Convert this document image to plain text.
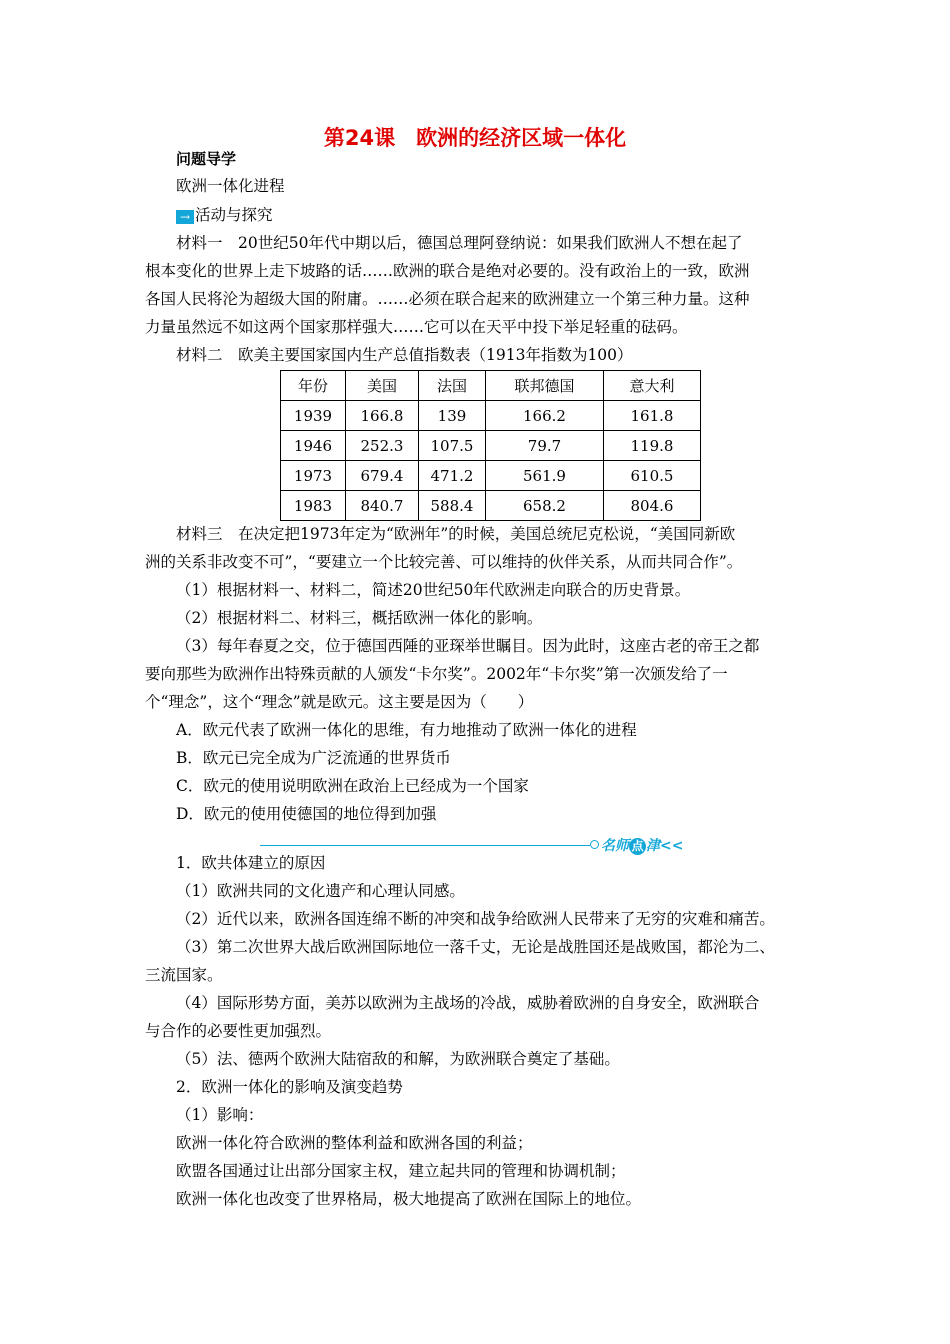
第24课　欧洲的经济区域一体化
问题导学
欧洲一体化进程
→ 活动与探究
材料一　20世纪50年代中期以后，德国总理阿登纳说：如果我们欧洲人不想在起了
根本变化的世界上走下坡路的话……欧洲的联合是绝对必要的。没有政治上的一致，欧洲
各国人民将沦为超级大国的附庸。……必须在联合起来的欧洲建立一个第三种力量。这种
力量虽然远不如这两个国家那样强大……它可以在天平中投下举足轻重的砝码。
材料二　欧美主要国家国内生产总值指数表（1913年指数为100）
年份	美国	法国	联邦德国	意大利
1939	166.8	139	166.2	161.8
1946	252.3	107.5	79.7	119.8
1973	679.4	471.2	561.9	610.5
1983	840.7	588.4	658.2	804.6
材料三　在决定把1973年定为“欧洲年”的时候，美国总统尼克松说，“美国同新欧
洲的关系非改变不可”，“要建立一个比较完善、可以维持的伙伴关系，从而共同合作”。
（1）根据材料一、材料二，简述20世纪50年代欧洲走向联合的历史背景。
（2）根据材料二、材料三，概括欧洲一体化的影响。
（3）每年春夏之交，位于德国西陲的亚琛举世瞩目。因为此时，这座古老的帝王之都
要向那些为欧洲作出特殊贡献的人颁发“卡尔奖”。2002年“卡尔奖”第一次颁发给了一
个“理念”，这个“理念”就是欧元。这主要是因为（　　）
A．欧元代表了欧洲一体化的思维，有力地推动了欧洲一体化的进程
B．欧元已完全成为广泛流通的世界货币
C．欧元的使用说明欧洲在政治上已经成为一个国家
D．欧元的使用使德国的地位得到加强
名师 点 津<<
1．欧共体建立的原因
（1）欧洲共同的文化遗产和心理认同感。
（2）近代以来，欧洲各国连绵不断的冲突和战争给欧洲人民带来了无穷的灾难和痛苦。
（3）第二次世界大战后欧洲国际地位一落千丈，无论是战胜国还是战败国，都沦为二、
三流国家。
（4）国际形势方面，美苏以欧洲为主战场的冷战，威胁着欧洲的自身安全，欧洲联合
与合作的必要性更加强烈。
（5）法、德两个欧洲大陆宿敌的和解，为欧洲联合奠定了基础。
2．欧洲一体化的影响及演变趋势
（1）影响：
欧洲一体化符合欧洲的整体利益和欧洲各国的利益；
欧盟各国通过让出部分国家主权，建立起共同的管理和协调机制；
欧洲一体化也改变了世界格局，极大地提高了欧洲在国际上的地位。
